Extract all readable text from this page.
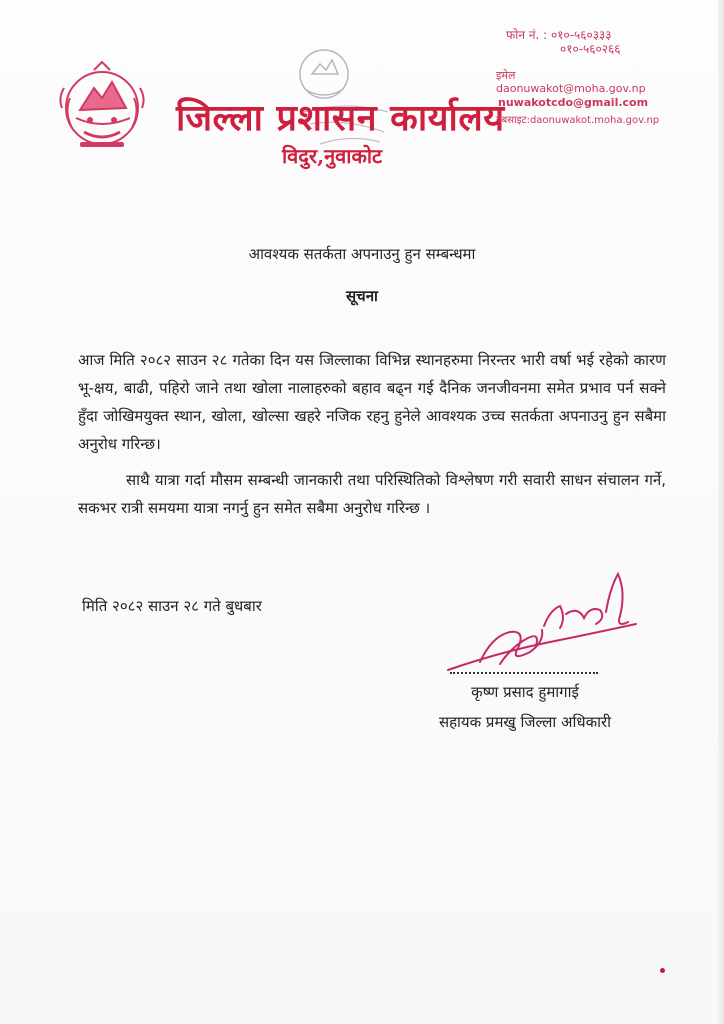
जिल्ला प्रशासन कार्यालय
विदुर,नुवाकोट
फोन नं. : ०१०-५६०३३३
०१०-५६०२६६
इमेल
daonuwakot@moha.gov.np
nuwakotcdo@gmail.com
वेबसाइट:daonuwakot.moha.gov.np
आवश्यक सतर्कता अपनाउनु हुन सम्बन्धमा
सूचना
आज मिति २०८२ साउन २८ गतेका दिन यस जिल्लाका विभिन्न स्थानहरुमा निरन्तर भारी वर्षा भई रहेको कारण भू-क्षय, बाढी, पहिरो जाने तथा खोला नालाहरुको बहाव बढ्न गई दैनिक जनजीवनमा समेत प्रभाव पर्न सक्ने हुँदा जोखिमयुक्त स्थान, खोला, खोल्सा खहरे नजिक रहनु हुनेले आवश्यक उच्च सतर्कता अपनाउनु हुन सबैमा अनुरोध गरिन्छ।
साथै यात्रा गर्दा मौसम सम्बन्धी जानकारी तथा परिस्थितिको विश्लेषण गरी सवारी साधन संचालन गर्ने, सकभर रात्री समयमा यात्रा नगर्नु हुन समेत सबैमा अनुरोध गरिन्छ ।
मिति २०८२ साउन २८ गते बुधबार
कृष्ण प्रसाद हुमागाई
सहायक प्रमखु जिल्ला अधिकारी
